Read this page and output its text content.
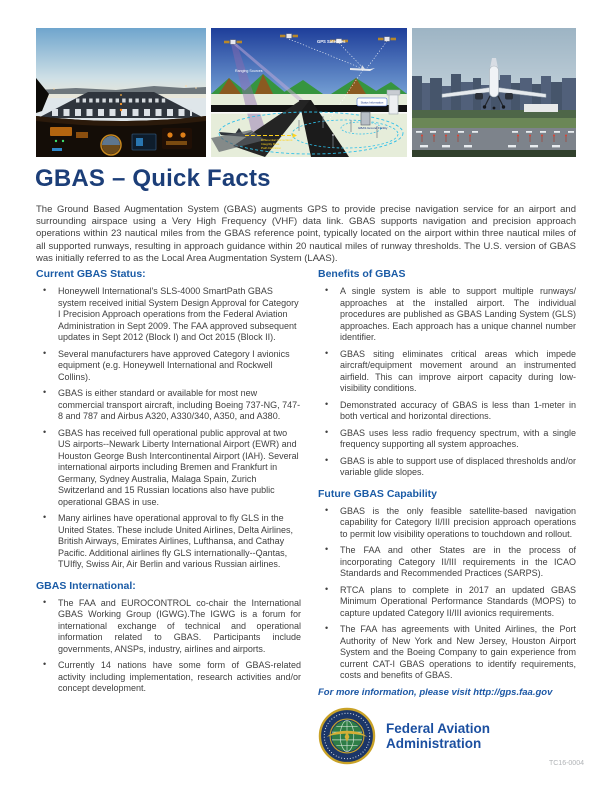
GPS Satellites
Ranging Sources
Status Information
GBAS Ground Facility
Differential Corrections
Integrity Data
Path Definition
GBAS – Quick Facts

The Ground Based Augmentation System (GBAS) augments GPS to provide precise navigation service for an airport and surrounding airspace using a Very High Frequency (VHF) data link. GBAS supports navigation and precision approach operations within 23 nautical miles from the GBAS reference point, typically located on the airport within three nautical miles of all supported runways, resulting in approach guidance within 20 nautical miles of runway thresholds. The U.S. version of GBAS was initially referred to as the Local Area Augmentation System (LAAS).

Current GBAS Status:
• Honeywell International's SLS-4000 SmartPath GBAS system received initial System Design Approval for Category I Precision Approach operations from the Federal Aviation Administration in Sept 2009. The FAA approved subsequent updates in Sept 2012 (Block I) and Oct 2015 (Block II).
• Several manufacturers have approved Category I avionics equipment (e.g. Honeywell International and Rockwell Collins).
• GBAS is either standard or available for most new commercial transport aircraft, including Boeing 737-NG, 747-8 and 787 and Airbus A320, A330/340, A350, and A380.
• GBAS has received full operational public approval at two US airports--Newark Liberty International Airport (EWR) and Houston George Bush Intercontinental Airport (IAH). Several international airports including Bremen and Frankfurt in Germany, Sydney Australia, Malaga Spain, Zurich Switzerland and 15 Russian locations also have public operational GBAS in use.
• Many airlines have operational approval to fly GLS in the United States. These include United Airlines, Delta Airlines, British Airways, Emirates Airlines, Lufthansa, and Cathay Pacific. Additional airlines fly GLS internationally--Qantas, TUIfly, Swiss Air, Air Berlin and various Russian airlines.
GBAS International:
• The FAA and EUROCONTROL co-chair the International GBAS Working Group (IGWG).The IGWG is a forum for international exchange of technical and operational information related to GBAS. Participants include governments, ANSPs, industry, airlines and airports.
• Currently 14 nations have some form of GBAS-related activity including implementation, research activities and/or concept development.
Benefits of GBAS
• A single system is able to support multiple runways/ approaches at the installed airport. The individual procedures are published as GBAS Landing System (GLS) approaches. Each approach has a unique channel number identifier.
• GBAS siting eliminates critical areas which impede aircraft/equipment movement around an instrumented airfield. This can improve airport capacity during low-visibility conditions.
• Demonstrated accuracy of GBAS is less than 1-meter in both vertical and horizontal directions.
• GBAS uses less radio frequency spectrum, with a single frequency supporting all system approaches.
• GBAS is able to support use of displaced thresholds and/or variable glide slopes.
Future GBAS Capability
• GBAS is the only feasible satellite-based navigation capability for Category II/III precision approach operations to permit low visibility operations to touchdown and rollout.
• The FAA and other States are in the process of incorporating Category II/III requirements in the ICAO Standards and Recommended Practices (SARPS).
• RTCA plans to complete in 2017 an updated GBAS Minimum Operational Performance Standards (MOPS) to capture updated Category II/III avionics requirements.
• The FAA has agreements with United Airlines, the Port Authority of New York and New Jersey, Houston Airport System and the Boeing Company to gain experience from current CAT-I GBAS operations to identify requirements, costs and benefits of GBAS.
For more information, please visit http://gps.faa.gov
Federal Aviation
Administration
TC16-0004
